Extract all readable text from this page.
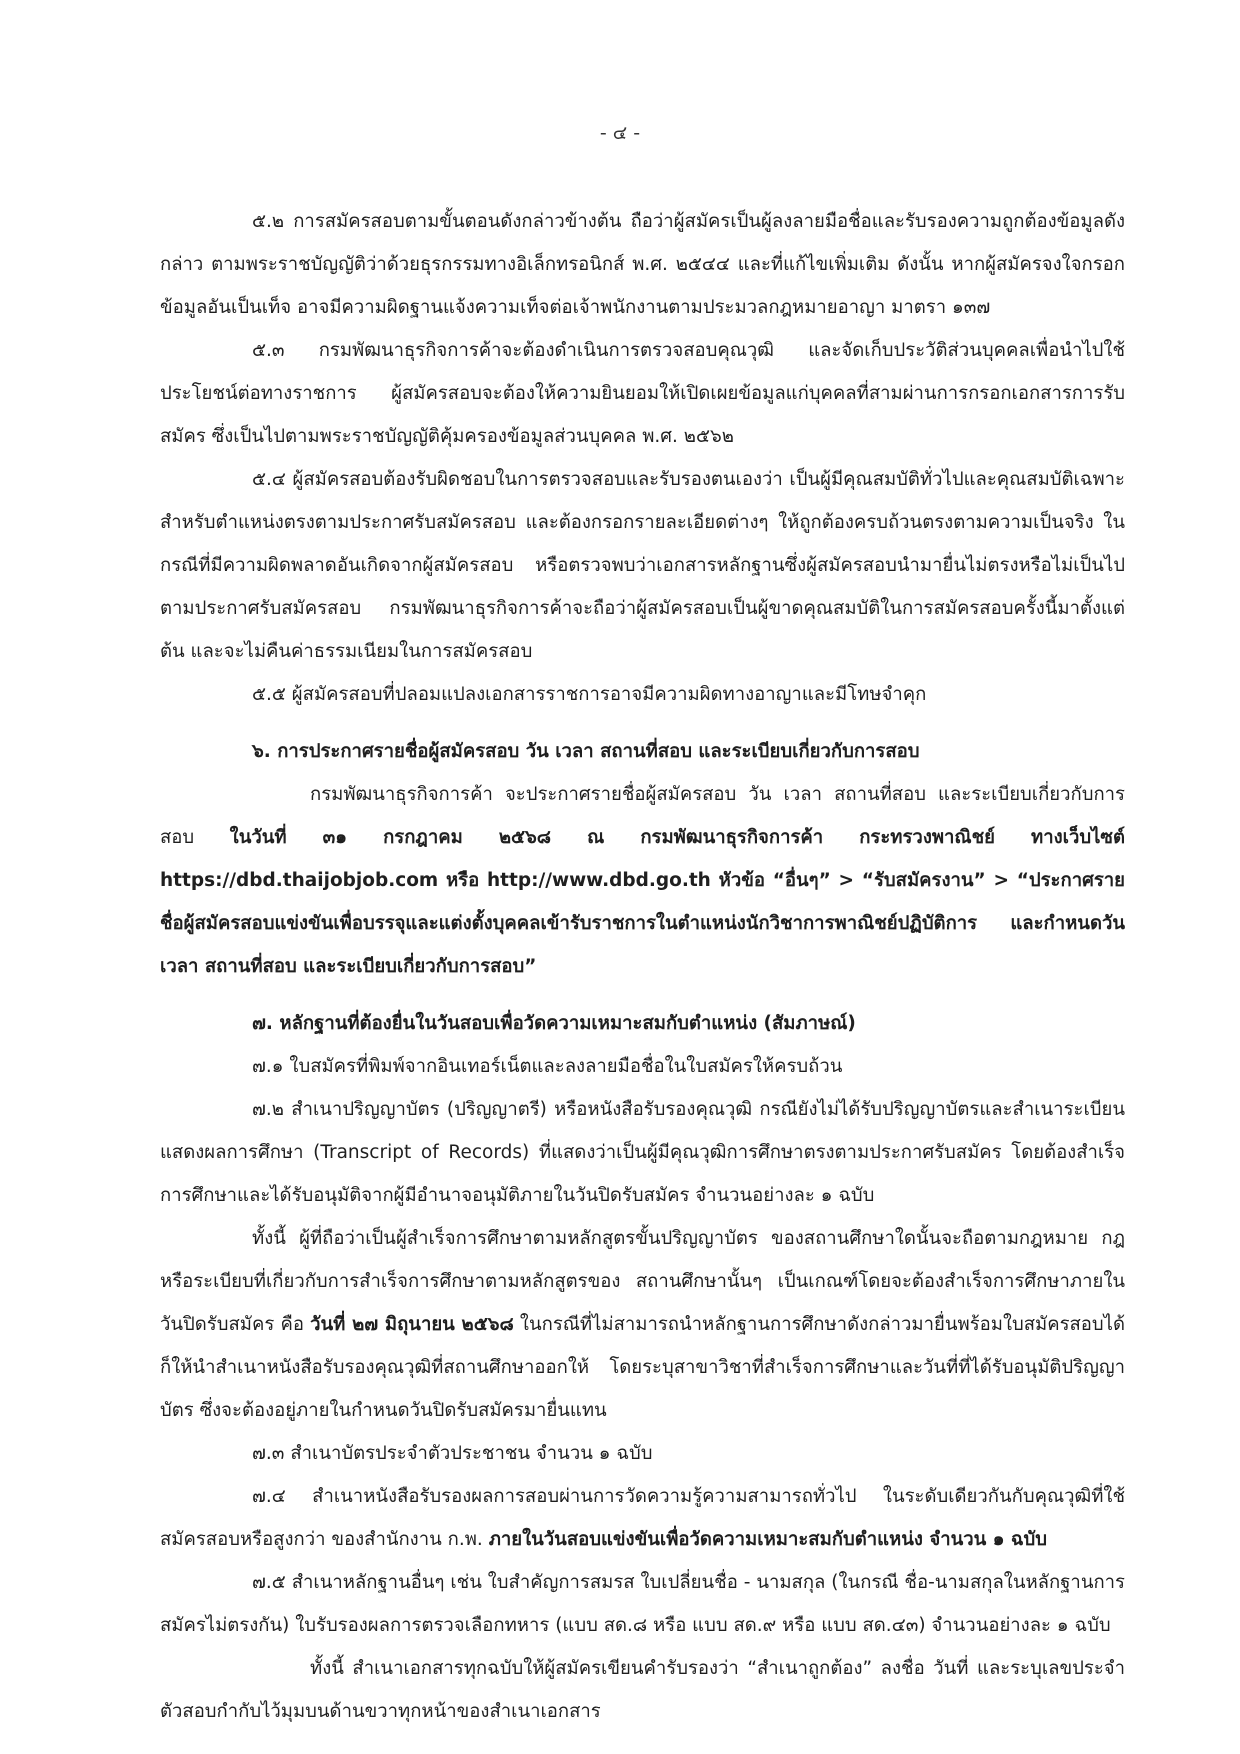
- ๔ -

๕.๒ การสมัครสอบตามขั้นตอนดังกล่าวข้างต้น ถือว่าผู้สมัครเป็นผู้ลงลายมือชื่อและรับรองความถูกต้องข้อมูลดังกล่าว ตามพระราชบัญญัติว่าด้วยธุรกรรมทางอิเล็กทรอนิกส์ พ.ศ. ๒๕๔๔ และที่แก้ไขเพิ่มเติม ดังนั้น หากผู้สมัครจงใจกรอกข้อมูลอันเป็นเท็จ อาจมีความผิดฐานแจ้งความเท็จต่อเจ้าพนักงานตามประมวลกฎหมายอาญา มาตรา ๑๓๗

๕.๓ กรมพัฒนาธุรกิจการค้าจะต้องดำเนินการตรวจสอบคุณวุฒิ และจัดเก็บประวัติส่วนบุคคลเพื่อนำไปใช้ประโยชน์ต่อทางราชการ ผู้สมัครสอบจะต้องให้ความยินยอมให้เปิดเผยข้อมูลแก่บุคคลที่สามผ่านการกรอกเอกสารการรับสมัคร ซึ่งเป็นไปตามพระราชบัญญัติคุ้มครองข้อมูลส่วนบุคคล พ.ศ. ๒๕๖๒

๕.๔ ผู้สมัครสอบต้องรับผิดชอบในการตรวจสอบและรับรองตนเองว่า เป็นผู้มีคุณสมบัติทั่วไปและคุณสมบัติเฉพาะสำหรับตำแหน่งตรงตามประกาศรับสมัครสอบ และต้องกรอกรายละเอียดต่างๆ ให้ถูกต้องครบถ้วนตรงตามความเป็นจริง ในกรณีที่มีความผิดพลาดอันเกิดจากผู้สมัครสอบ หรือตรวจพบว่าเอกสารหลักฐานซึ่งผู้สมัครสอบนำมายื่นไม่ตรงหรือไม่เป็นไปตามประกาศรับสมัครสอบ กรมพัฒนาธุรกิจการค้าจะถือว่าผู้สมัครสอบเป็นผู้ขาดคุณสมบัติในการสมัครสอบครั้งนี้มาตั้งแต่ต้น และจะไม่คืนค่าธรรมเนียมในการสมัครสอบ

๕.๕ ผู้สมัครสอบที่ปลอมแปลงเอกสารราชการอาจมีความผิดทางอาญาและมีโทษจำคุก

๖. การประกาศรายชื่อผู้สมัครสอบ วัน เวลา สถานที่สอบ และระเบียบเกี่ยวกับการสอบ

กรมพัฒนาธุรกิจการค้า จะประกาศรายชื่อผู้สมัครสอบ วัน เวลา สถานที่สอบ และระเบียบเกี่ยวกับการสอบ ในวันที่ ๓๑ กรกฎาคม ๒๕๖๘ ณ กรมพัฒนาธุรกิจการค้า กระทรวงพาณิชย์ ทางเว็บไซต์ https://dbd.thaijobjob.com หรือ http://www.dbd.go.th หัวข้อ “อื่นๆ” > “รับสมัครงาน” > “ประกาศรายชื่อผู้สมัครสอบแข่งขันเพื่อบรรจุและแต่งตั้งบุคคลเข้ารับราชการในตำแหน่งนักวิชาการพาณิชย์ปฏิบัติการ และกำหนดวัน เวลา สถานที่สอบ และระเบียบเกี่ยวกับการสอบ”

๗. หลักฐานที่ต้องยื่นในวันสอบเพื่อวัดความเหมาะสมกับตำแหน่ง (สัมภาษณ์)

๗.๑ ใบสมัครที่พิมพ์จากอินเทอร์เน็ตและลงลายมือชื่อในใบสมัครให้ครบถ้วน

๗.๒ สำเนาปริญญาบัตร (ปริญญาตรี) หรือหนังสือรับรองคุณวุฒิ กรณียังไม่ได้รับปริญญาบัตรและสำเนาระเบียนแสดงผลการศึกษา (Transcript of Records) ที่แสดงว่าเป็นผู้มีคุณวุฒิการศึกษาตรงตามประกาศรับสมัคร โดยต้องสำเร็จการศึกษาและได้รับอนุมัติจากผู้มีอำนาจอนุมัติภายในวันปิดรับสมัคร จำนวนอย่างละ ๑ ฉบับ

ทั้งนี้ ผู้ที่ถือว่าเป็นผู้สำเร็จการศึกษาตามหลักสูตรขั้นปริญญาบัตร ของสถานศึกษาใดนั้นจะถือตามกฎหมาย กฎ หรือระเบียบที่เกี่ยวกับการสำเร็จการศึกษาตามหลักสูตรของ สถานศึกษานั้นๆ เป็นเกณฑ์โดยจะต้องสำเร็จการศึกษาภายในวันปิดรับสมัคร คือ วันที่ ๒๗ มิถุนายน ๒๕๖๘ ในกรณีที่ไม่สามารถนำหลักฐานการศึกษาดังกล่าวมายื่นพร้อมใบสมัครสอบได้ก็ให้นำสำเนาหนังสือรับรองคุณวุฒิที่สถานศึกษาออกให้ โดยระบุสาขาวิชาที่สำเร็จการศึกษาและวันที่ที่ได้รับอนุมัติปริญญาบัตร ซึ่งจะต้องอยู่ภายในกำหนดวันปิดรับสมัครมายื่นแทน

๗.๓ สำเนาบัตรประจำตัวประชาชน จำนวน ๑ ฉบับ

๗.๔ สำเนาหนังสือรับรองผลการสอบผ่านการวัดความรู้ความสามารถทั่วไป ในระดับเดียวกันกับคุณวุฒิที่ใช้สมัครสอบหรือสูงกว่า ของสำนักงาน ก.พ. ภายในวันสอบแข่งขันเพื่อวัดความเหมาะสมกับตำแหน่ง จำนวน ๑ ฉบับ

๗.๕ สำเนาหลักฐานอื่นๆ เช่น ใบสำคัญการสมรส ใบเปลี่ยนชื่อ - นามสกุล (ในกรณี ชื่อ-นามสกุลในหลักฐานการสมัครไม่ตรงกัน) ใบรับรองผลการตรวจเลือกทหาร (แบบ สด.๘ หรือ แบบ สด.๙ หรือ แบบ สด.๔๓) จำนวนอย่างละ ๑ ฉบับ

ทั้งนี้ สำเนาเอกสารทุกฉบับให้ผู้สมัครเขียนคำรับรองว่า “สำเนาถูกต้อง” ลงชื่อ วันที่ และระบุเลขประจำตัวสอบกำกับไว้มุมบนด้านขวาทุกหน้าของสำเนาเอกสาร
